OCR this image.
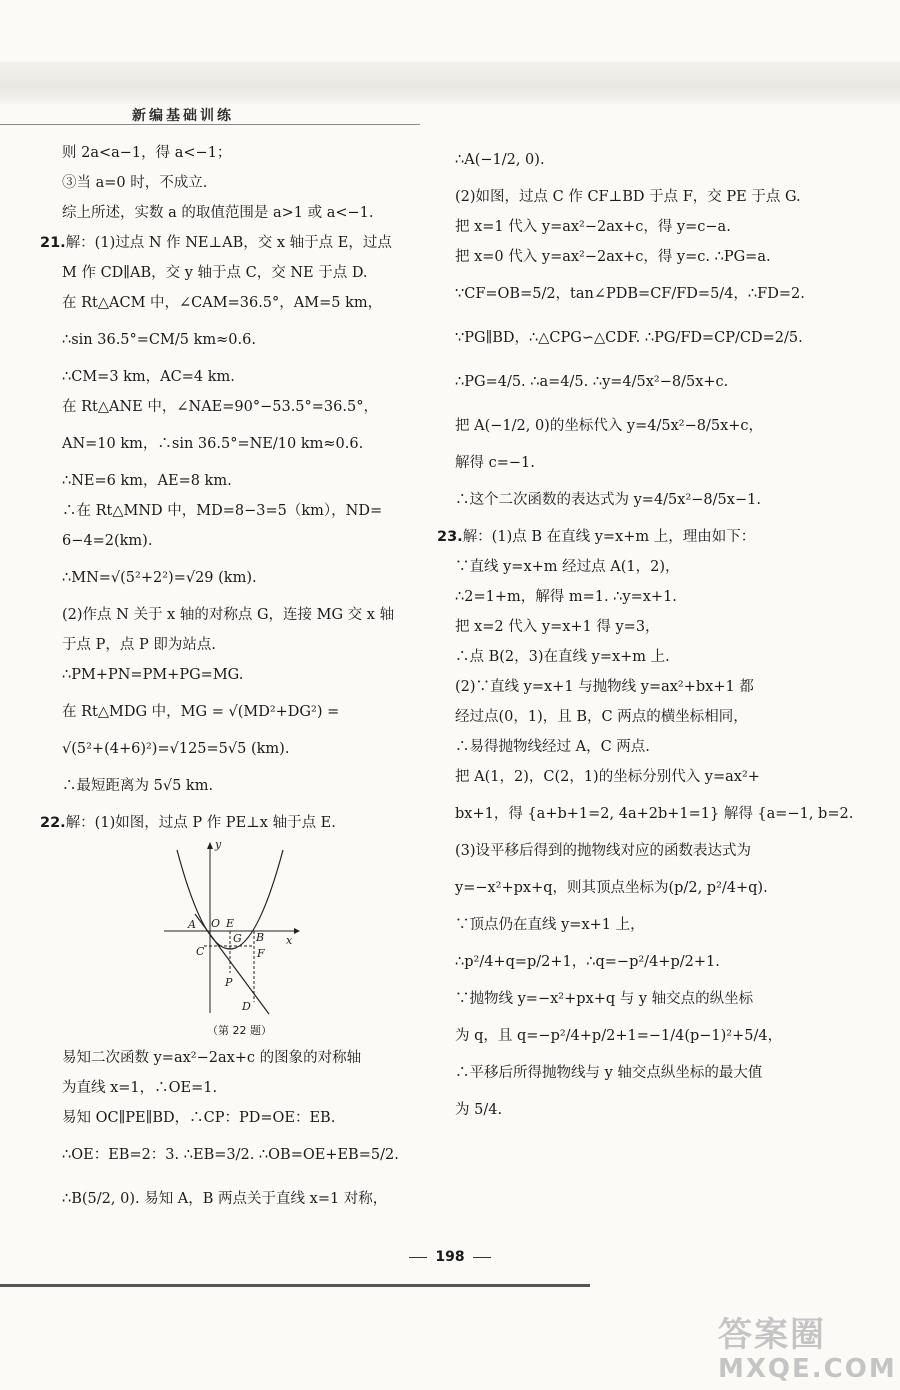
新编基础训练

则 2a<a−1，得 a<−1；

③当 a=0 时，不成立.

综上所述，实数 a 的取值范围是 a>1 或 a<−1.

21.解：(1)过点 N 作 NE⊥AB，交 x 轴于点 E，过点

M 作 CD∥AB，交 y 轴于点 C，交 NE 于点 D.

在 Rt△ACM 中，∠CAM=36.5°，AM=5 km，

∴sin 36.5°=CM/5 km≈0.6.

∴CM=3 km，AC=4 km.

在 Rt△ANE 中，∠NAE=90°−53.5°=36.5°，

AN=10 km，∴sin 36.5°=NE/10 km≈0.6.

∴NE=6 km，AE=8 km.

∴在 Rt△MND 中，MD=8−3=5（km），ND=

6−4=2(km).

∴MN=√(5²+2²)=√29 (km).

(2)作点 N 关于 x 轴的对称点 G，连接 MG 交 x 轴

于点 P，点 P 即为站点.

∴PM+PN=PM+PG=MG.

在 Rt△MDG 中，MG = √(MD²+DG²) =

√(5²+(4+6)²)=√125=5√5 (km).

∴最短距离为 5√5 km.

22.解：(1)如图，过点 P 作 PE⊥x 轴于点 E.

y
x
A O E
B
G
C	F
P
D
（第 22 题）

易知二次函数 y=ax²−2ax+c 的图象的对称轴

为直线 x=1，∴OE=1.

易知 OC∥PE∥BD，∴CP：PD=OE：EB.

∴OE：EB=2：3. ∴EB=3/2. ∴OB=OE+EB=5/2.

∴B(5/2, 0). 易知 A，B 两点关于直线 x=1 对称，

∴A(−1/2, 0).

(2)如图，过点 C 作 CF⊥BD 于点 F，交 PE 于点 G.

把 x=1 代入 y=ax²−2ax+c，得 y=c−a.

把 x=0 代入 y=ax²−2ax+c，得 y=c. ∴PG=a.

∵CF=OB=5/2，tan∠PDB=CF/FD=5/4，∴FD=2.

∵PG∥BD，∴△CPG∽△CDF. ∴PG/FD=CP/CD=2/5.

∴PG=4/5. ∴a=4/5. ∴y=4/5x²−8/5x+c.

把 A(−1/2, 0)的坐标代入 y=4/5x²−8/5x+c，

解得 c=−1.

∴这个二次函数的表达式为 y=4/5x²−8/5x−1.

23.解：(1)点 B 在直线 y=x+m 上，理由如下：

∵直线 y=x+m 经过点 A(1，2)，

∴2=1+m，解得 m=1. ∴y=x+1.

把 x=2 代入 y=x+1 得 y=3，

∴点 B(2，3)在直线 y=x+m 上.

(2)∵直线 y=x+1 与抛物线 y=ax²+bx+1 都

经过点(0，1)，且 B，C 两点的横坐标相同，

∴易得抛物线经过 A，C 两点.

把 A(1，2)，C(2，1)的坐标分别代入 y=ax²+

bx+1，得 {a+b+1=2, 4a+2b+1=1} 解得 {a=−1, b=2.

(3)设平移后得到的抛物线对应的函数表达式为

y=−x²+px+q，则其顶点坐标为(p/2, p²/4+q).

∵顶点仍在直线 y=x+1 上，

∴p²/4+q=p/2+1，∴q=−p²/4+p/2+1.

∵抛物线 y=−x²+px+q 与 y 轴交点的纵坐标

为 q，且 q=−p²/4+p/2+1=−1/4(p−1)²+5/4，

∴平移后所得抛物线与 y 轴交点纵坐标的最大值

为 5/4.

198
答案圈
MXQE.COM
